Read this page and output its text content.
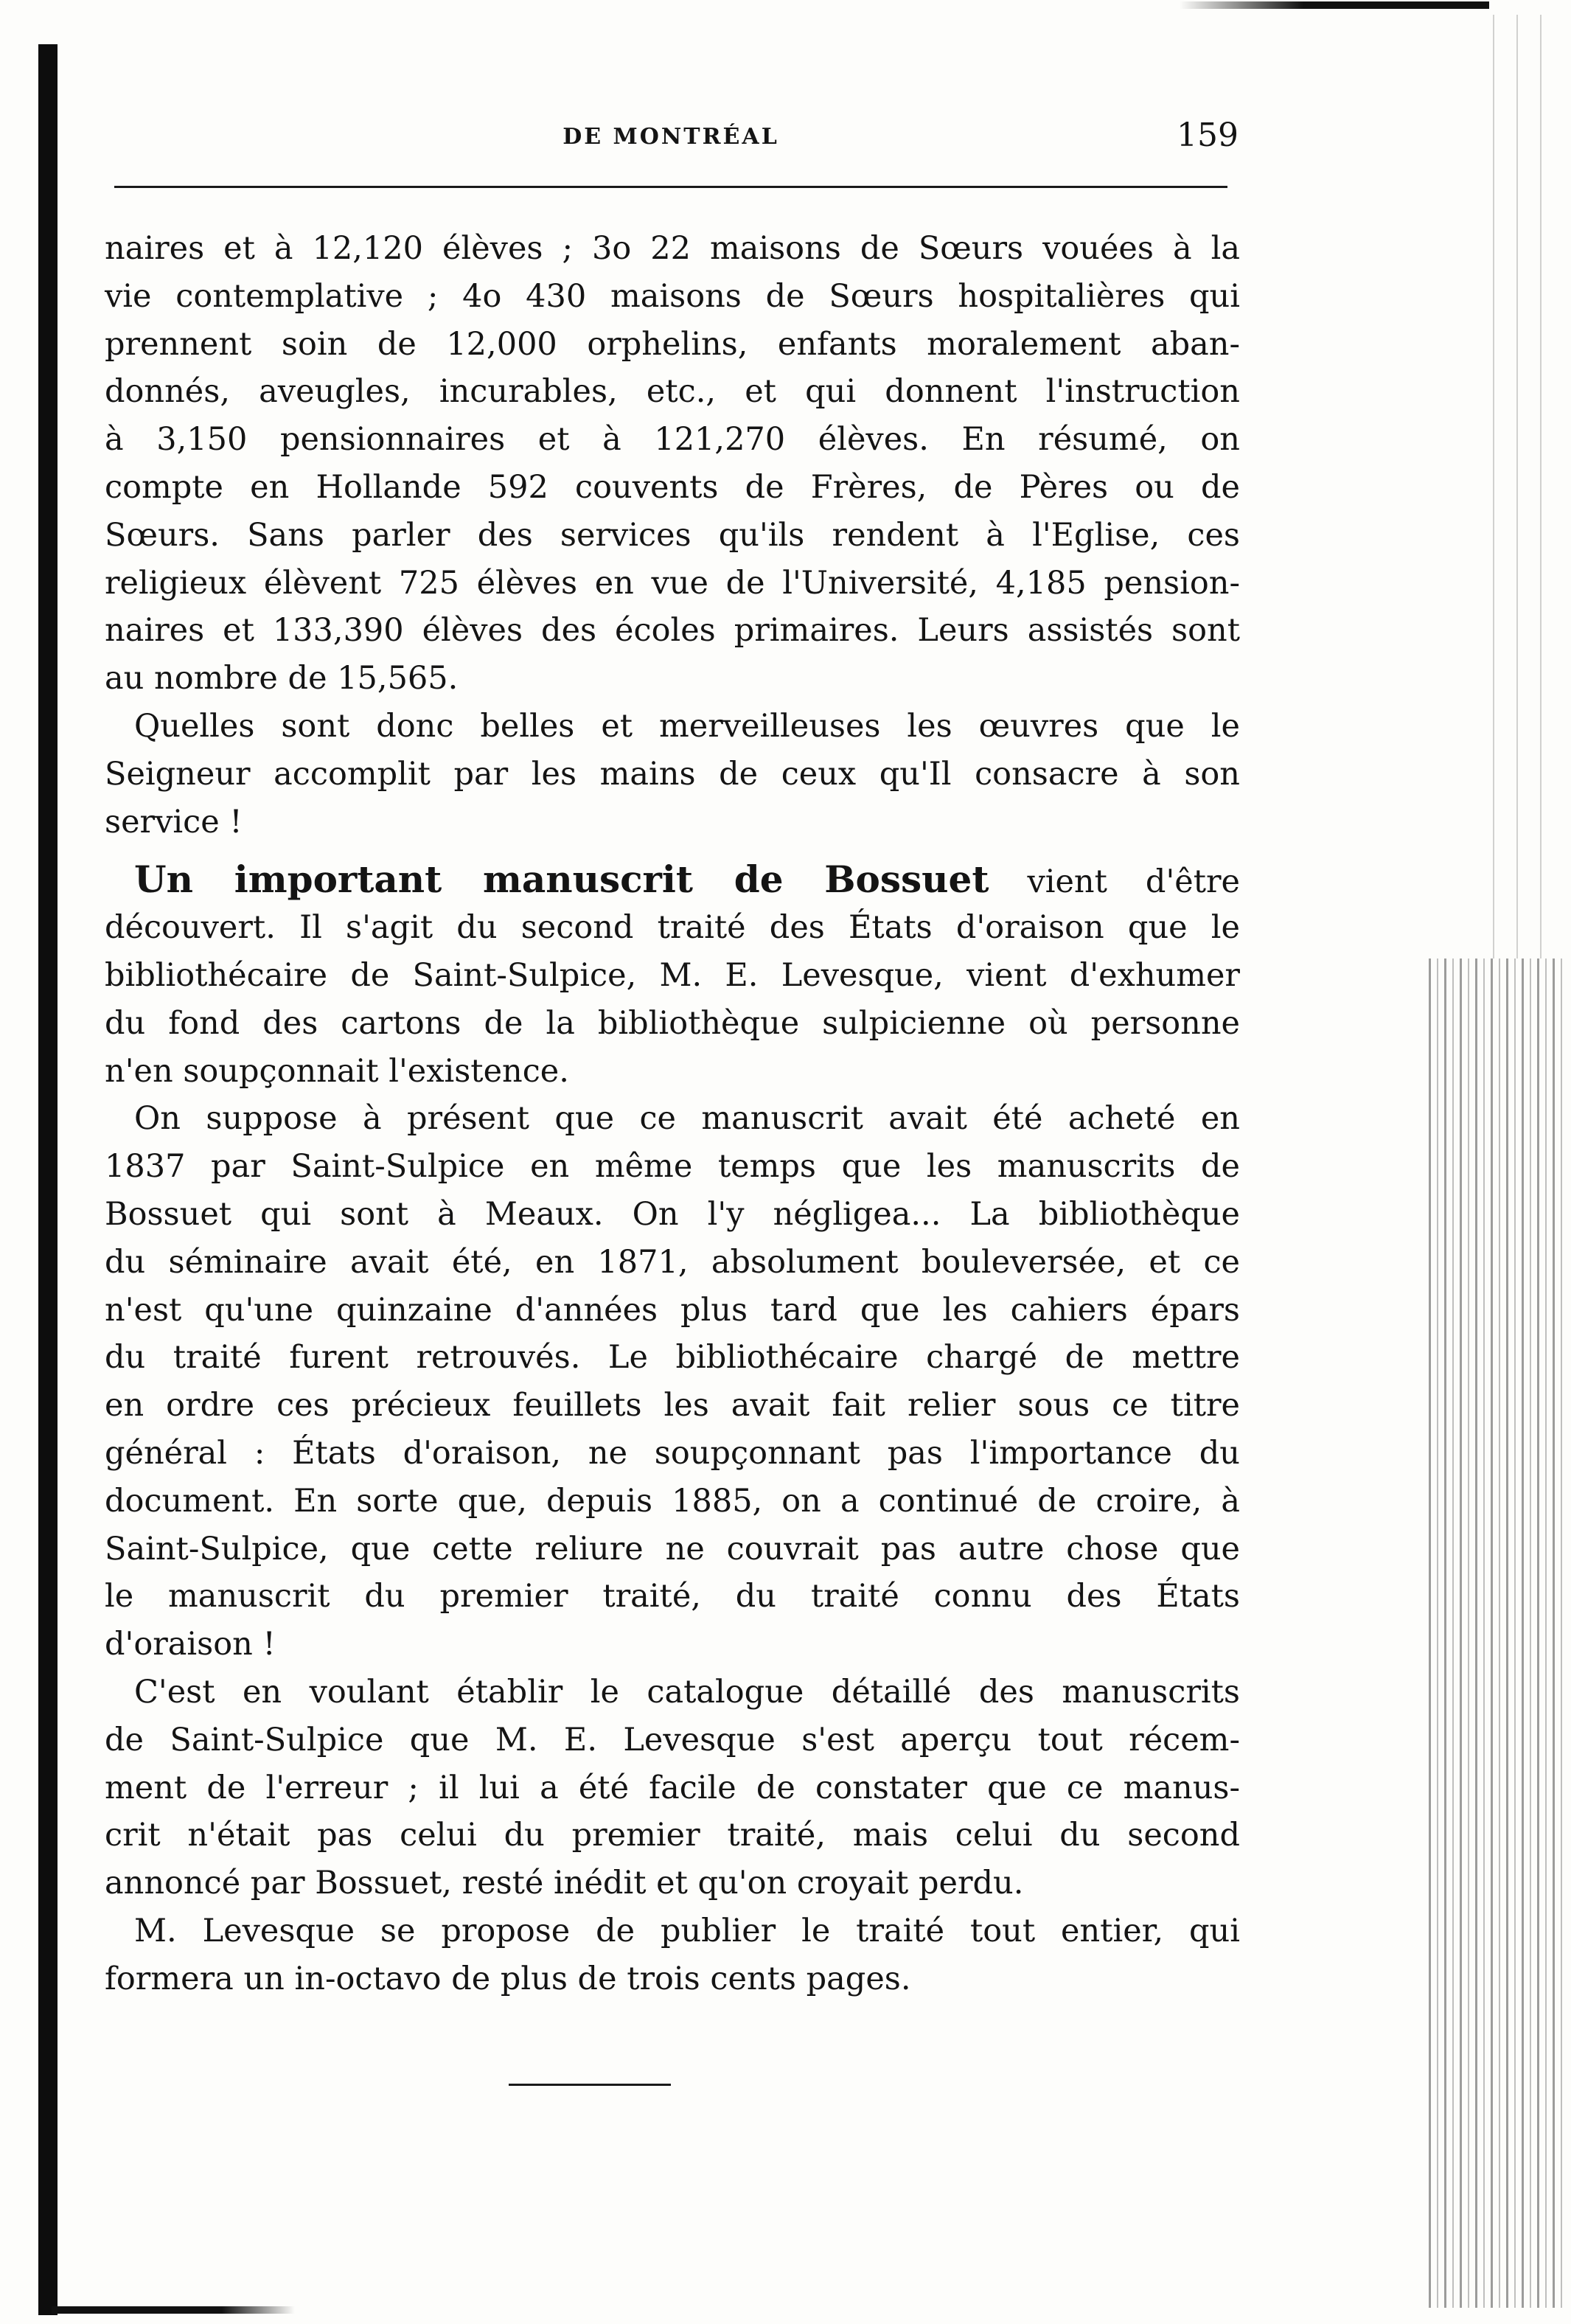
DE MONTRÉAL	159
naires et à 12,120 élèves ; 3o 22 maisons de Sœurs vouées à la
vie contemplative ; 4o 430 maisons de Sœurs hospitalières qui
prennent soin de 12,000 orphelins, enfants moralement aban-
donnés, aveugles, incurables, etc., et qui donnent l'instruction
à 3,150 pensionnaires et à 121,270 élèves. En résumé, on
compte en Hollande 592 couvents de Frères, de Pères ou de
Sœurs. Sans parler des services qu'ils rendent à l'Eglise, ces
religieux élèvent 725 élèves en vue de l'Université, 4,185 pension-
naires et 133,390 élèves des écoles primaires. Leurs assistés sont
au nombre de 15,565.
Quelles sont donc belles et merveilleuses les œuvres que le
Seigneur accomplit par les mains de ceux qu'Il consacre à son
service !
Un important manuscrit de Bossuet vient d'être
découvert. Il s'agit du second traité des États d'oraison que le
bibliothécaire de Saint-Sulpice, M. E. Levesque, vient d'exhumer
du fond des cartons de la bibliothèque sulpicienne où personne
n'en soupçonnait l'existence.
On suppose à présent que ce manuscrit avait été acheté en
1837 par Saint-Sulpice en même temps que les manuscrits de
Bossuet qui sont à Meaux. On l'y négligea... La bibliothèque
du séminaire avait été, en 1871, absolument bouleversée, et ce
n'est qu'une quinzaine d'années plus tard que les cahiers épars
du traité furent retrouvés. Le bibliothécaire chargé de mettre
en ordre ces précieux feuillets les avait fait relier sous ce titre
général : États d'oraison, ne soupçonnant pas l'importance du
document. En sorte que, depuis 1885, on a continué de croire, à
Saint-Sulpice, que cette reliure ne couvrait pas autre chose que
le manuscrit du premier traité, du traité connu des États
d'oraison !
C'est en voulant établir le catalogue détaillé des manuscrits
de Saint-Sulpice que M. E. Levesque s'est aperçu tout récem-
ment de l'erreur ; il lui a été facile de constater que ce manus-
crit n'était pas celui du premier traité, mais celui du second
annoncé par Bossuet, resté inédit et qu'on croyait perdu.
M. Levesque se propose de publier le traité tout entier, qui
formera un in-octavo de plus de trois cents pages.
